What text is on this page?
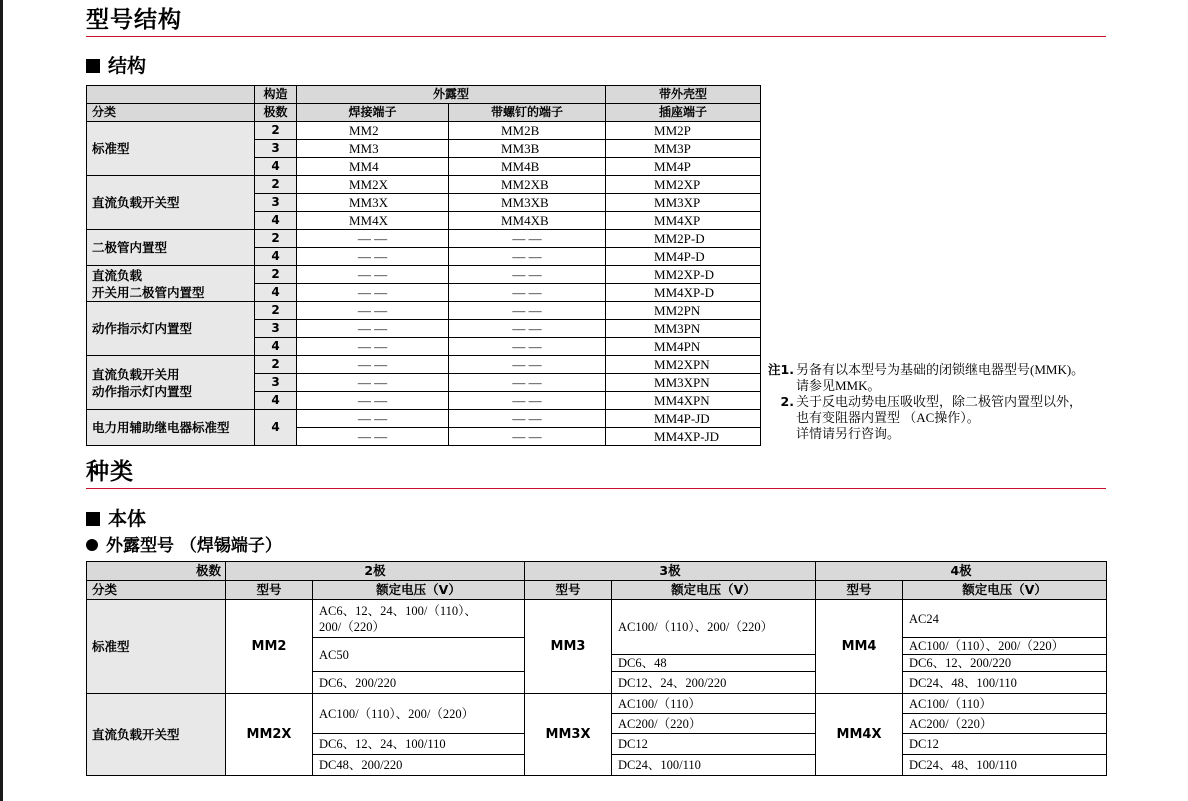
型号结构
结构
	构造	外露型		带外壳型
分类	极数	焊接端子	带螺钉的端子	插座端子
标准型	2	MM2	MM2B	MM2P
	3	MM3	MM3B	MM3P
	4	MM4	MM4B	MM4P
直流负载开关型	2	MM2X	MM2XB	MM2XP
	3	MM3X	MM3XB	MM3XP
	4	MM4X	MM4XB	MM4XP
二极管内置型	2	— —	— —	MM2P-D
	4	— —	— —	MM4P-D

直流负载
开关用二极管内置型	2	— —	— —	MM2XP-D
	4	— —	— —	MM4XP-D
动作指示灯内置型	2	— —	— —	MM2PN
	3	— —	— —	MM3PN
	4	— —	— —	MM4PN

直流负载开关用
动作指示灯内置型	2	— —	— —	MM2XPN
	3	— —	— —	MM3XPN
	4	— —	— —	MM4XPN
电力用辅助继电器标准型	4	— —	— —	MM4P-JD
		— —	— —	MM4XP-JD
注1. 另备有以本型号为基础的闭锁继电器型号(MMK)。
请参见MMK。
2. 关于反电动势电压吸收型，除二极管内置型以外，
也有变阻器内置型 （AC操作）。
详情请另行咨询。
种类
本体
外露型号 （焊锡端子）
极数	2极		3极		4极	
分类	型号	额定电压（V）	型号	额定电压（V）	型号	额定电压（V）
标准型	MM2	AC6、12、24、100/（110）、
200/（220）	MM3	AC100/（110）、200/（220）	MM4	AC24

		AC50				AC100/（110）、200/（220）
				DC6、48		DC6、12、200/220
		DC6、200/220		DC12、24、200/220		DC24、48、100/110
直流负载开关型	MM2X	AC100/（110）、200/（220）	MM3X	AC100/（110）	MM4X	AC100/（110）
				AC200/（220）		AC200/（220）
		DC6、12、24、100/110		DC12		DC12
		DC48、200/220		DC24、100/110		DC24、48、100/110
